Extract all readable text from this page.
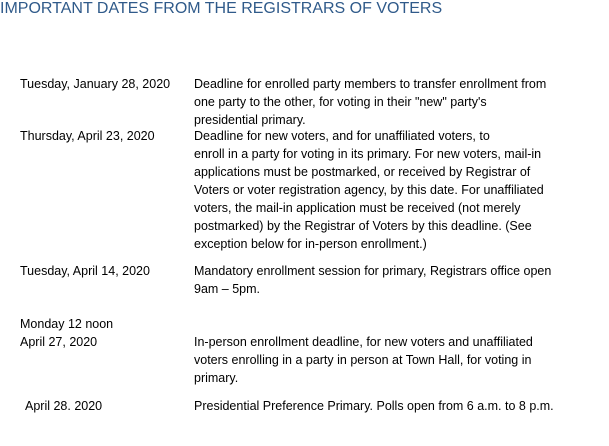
IMPORTANT DATES FROM THE REGISTRARS OF VOTERS
Tuesday, January 28, 2020 Deadline for enrolled party members to transfer enrollment from
one party to the other, for voting in their "new" party's
presidential primary.
Thursday, April 23, 2020	Deadline for new voters, and for unaffiliated voters, to
enroll in a party for voting in its primary. For new voters, mail-in
applications must be postmarked, or received by Registrar of
Voters or voter registration agency, by this date. For unaffiliated
voters, the mail-in application must be received (not merely
postmarked) by the Registrar of Voters by this deadline. (See
exception below for in-person enrollment.)
Tuesday, April 14, 2020	Mandatory enrollment session for primary, Registrars office open
9am – 5pm.
Monday 12 noon
April 27, 2020	In-person enrollment deadline, for new voters and unaffiliated
voters enrolling in a party in person at Town Hall, for voting in
primary.
April 28. 2020	Presidential Preference Primary. Polls open from 6 a.m. to 8 p.m.
